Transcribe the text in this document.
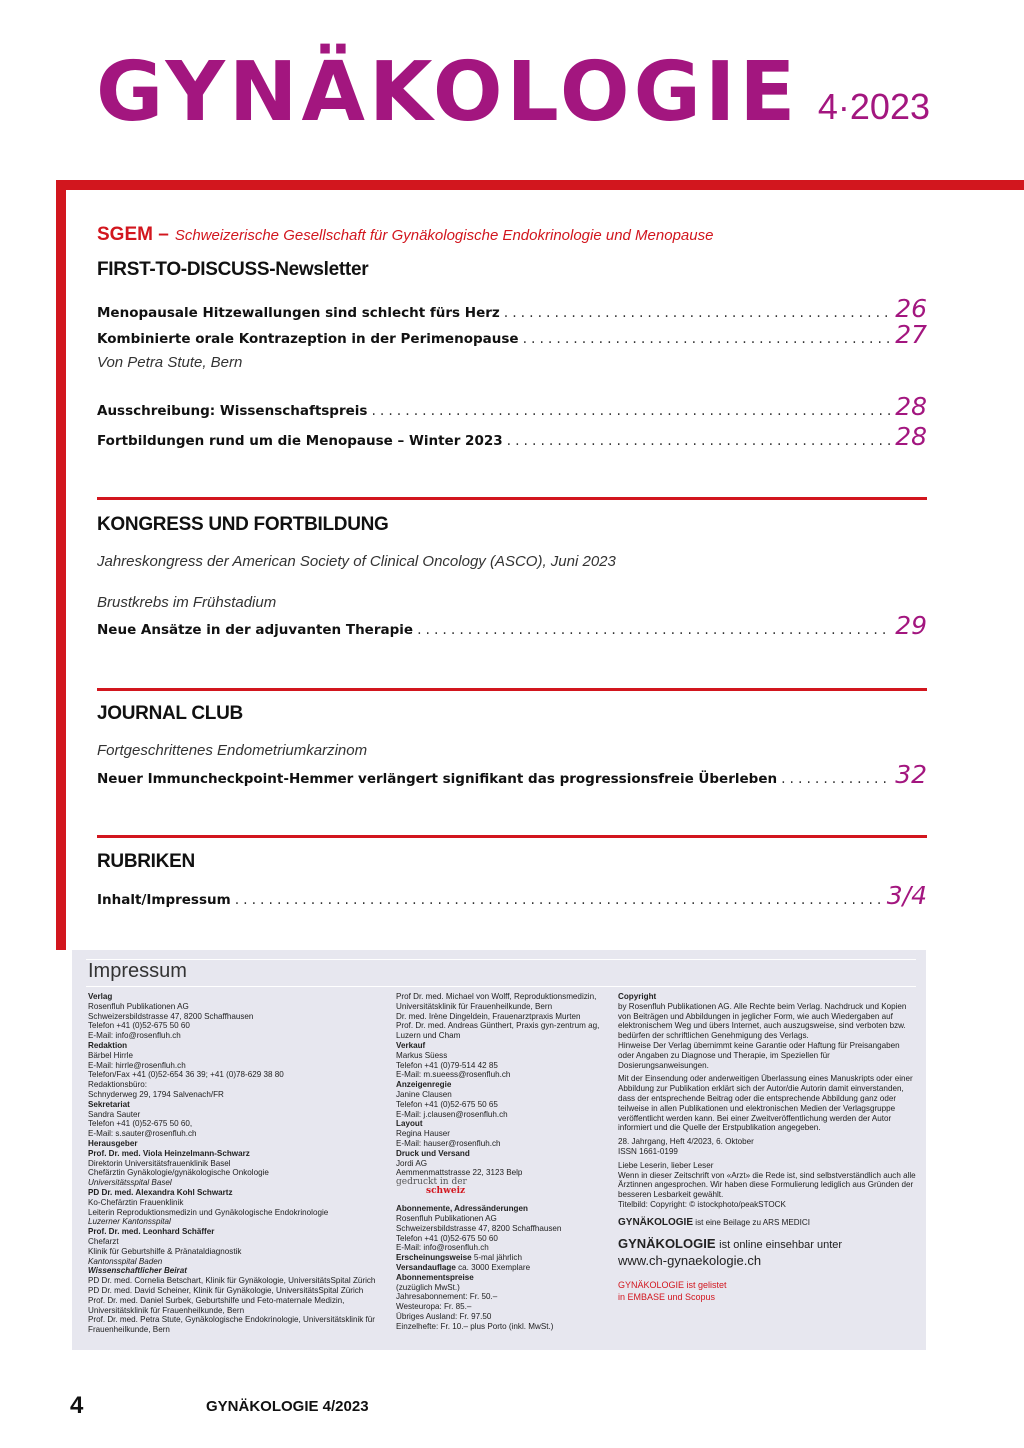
GYNÄKOLOGIE 4·2023
SGEM – Schweizerische Gesellschaft für Gynäkologische Endokrinologie und Menopause
FIRST-TO-DISCUSS-Newsletter
Menopausale Hitzewallungen sind schlecht fürs Herz .....	26
Kombinierte orale Kontrazeption in der Perimenopause .....	27
Von Petra Stute, Bern
Ausschreibung: Wissenschaftspreis .....	28
Fortbildungen rund um die Menopause – Winter 2023 .....	28
KONGRESS UND FORTBILDUNG
Jahreskongress der American Society of Clinical Oncology (ASCO), Juni 2023
Brustkrebs im Frühstadium
Neue Ansätze in der adjuvanten Therapie .....	29
JOURNAL CLUB
Fortgeschrittenes Endometriumkarzinom
Neuer Immuncheckpoint-Hemmer verlängert signifikant das progressionsfreie Überleben .....	32
RUBRIKEN
Inhalt/Impressum .....	3/4
Impressum

Verlag

Rosenfluh Publikationen AG

Schweizersbildstrasse 47, 8200 Schaffhausen

Telefon +41 (0)52-675 50 60

E-Mail: info@rosenfluh.ch

Redaktion

Bärbel Hirrle

E-Mail: hirrle@rosenfluh.ch

Telefon/Fax +41 (0)52-654 36 39; +41 (0)78-629 38 80

Redaktionsbüro:

Schnyderweg 29, 1794 Salvenach/FR

Sekretariat

Sandra Sauter

Telefon +41 (0)52-675 50 60,

E-Mail: s.sauter@rosenfluh.ch

Herausgeber

Prof. Dr. med. Viola Heinzelmann-Schwarz

Direktorin Universitätsfrauenklinik Basel

Chefärztin Gynäkologie/gynäkologische Onkologie

Universitätsspital Basel

PD Dr. med. Alexandra Kohl Schwartz

Ko-Chefärztin Frauenklinik

Leiterin Reproduktionsmedizin und Gynäkologische Endokrinologie

Luzerner Kantonsspital

Prof. Dr. med. Leonhard Schäffer

Chefarzt

Klinik für Geburtshilfe & Pränataldiagnostik

Kantonsspital Baden

Wissenschaftlicher Beirat

PD Dr. med. Cornelia Betschart, Klinik für Gynäkologie, UniversitätsSpital Zürich

PD Dr. med. David Scheiner, Klinik für Gynäkologie, UniversitätsSpital Zürich

Prof. Dr. med. Daniel Surbek, Geburtshilfe und Feto-maternale Medizin,

Universitätsklinik für Frauenheilkunde, Bern

Prof. Dr. med. Petra Stute, Gynäkologische Endokrinologie, Universitätsklinik für

Frauenheilkunde, Bern

Prof Dr. med. Michael von Wolff, Reproduktionsmedizin,

Universitätsklinik für Frauenheilkunde, Bern

Dr. med. Irène Dingeldein, Frauenarztpraxis Murten

Prof. Dr. med. Andreas Günthert, Praxis gyn-zentrum ag,

Luzern und Cham

Verkauf

Markus Süess

Telefon +41 (0)79-514 42 85

E-Mail: m.sueess@rosenfluh.ch

Anzeigenregie

Janine Clausen

Telefon +41 (0)52-675 50 65

E-Mail: j.clausen@rosenfluh.ch

Layout

Regina Hauser

E-Mail: hauser@rosenfluh.ch

Druck und Versand

Jordi AG

Aemmenmattstrasse 22, 3123 Belp

gedruckt in der
schweiz

Abonnemente, Adressänderungen

Rosenfluh Publikationen AG

Schweizersbildstrasse 47, 8200 Schaffhausen

Telefon +41 (0)52-675 50 60

E-Mail: info@rosenfluh.ch

Erscheinungsweise 5-mal jährlich

Versandauflage ca. 3000 Exemplare

Abonnementspreise

(zuzüglich MwSt.)

Jahresabonnement: Fr. 50.–

Westeuropa: Fr. 85.–

Übriges Ausland: Fr. 97.50

Einzelhefte: Fr. 10.– plus Porto (inkl. MwSt.)

Copyright

by Rosenfluh Publikationen AG. Alle Rechte beim Verlag. Nachdruck und Kopien

von Beiträgen und Abbildungen in jeglicher Form, wie auch Wiedergaben auf

elektronischem Weg und übers Internet, auch auszugsweise, sind verboten bzw.

bedürfen der schriftlichen Genehmigung des Verlags.

Hinweise Der Verlag übernimmt keine Garantie oder Haftung für Preisangaben

oder Angaben zu Diagnose und Therapie, im Speziellen für Dosierungsanweisungen.

Mit der Einsendung oder anderweitigen Überlassung eines Manuskripts oder einer

Abbildung zur Publikation erklärt sich der Autor/die Autorin damit einverstanden,

dass der entsprechende Beitrag oder die entsprechende Abbildung ganz oder

teilweise in allen Publikationen und elektronischen Medien der Verlagsgruppe

veröffentlicht werden kann. Bei einer Zweitveröffentlichung werden der Autor

informiert und die Quelle der Erstpublikation angegeben.

28. Jahrgang, Heft 4/2023, 6. Oktober

ISSN 1661-0199

Liebe Leserin, lieber Leser

Wenn in dieser Zeitschrift von «Arzt» die Rede ist, sind selbstverständlich auch alle

Ärztinnen angesprochen. Wir haben diese Formulierung lediglich aus Gründen der

besseren Lesbarkeit gewählt.

Titelbild: Copyright: © istockphoto/peakSTOCK

GYNÄKOLOGIE ist eine Beilage zu ARS MEDICI

GYNÄKOLOGIE ist online einsehbar unter

www.ch-gynaekologie.ch

GYNÄKOLOGIE ist gelistet

in EMBASE und Scopus

4	GYNÄKOLOGIE 4/2023
